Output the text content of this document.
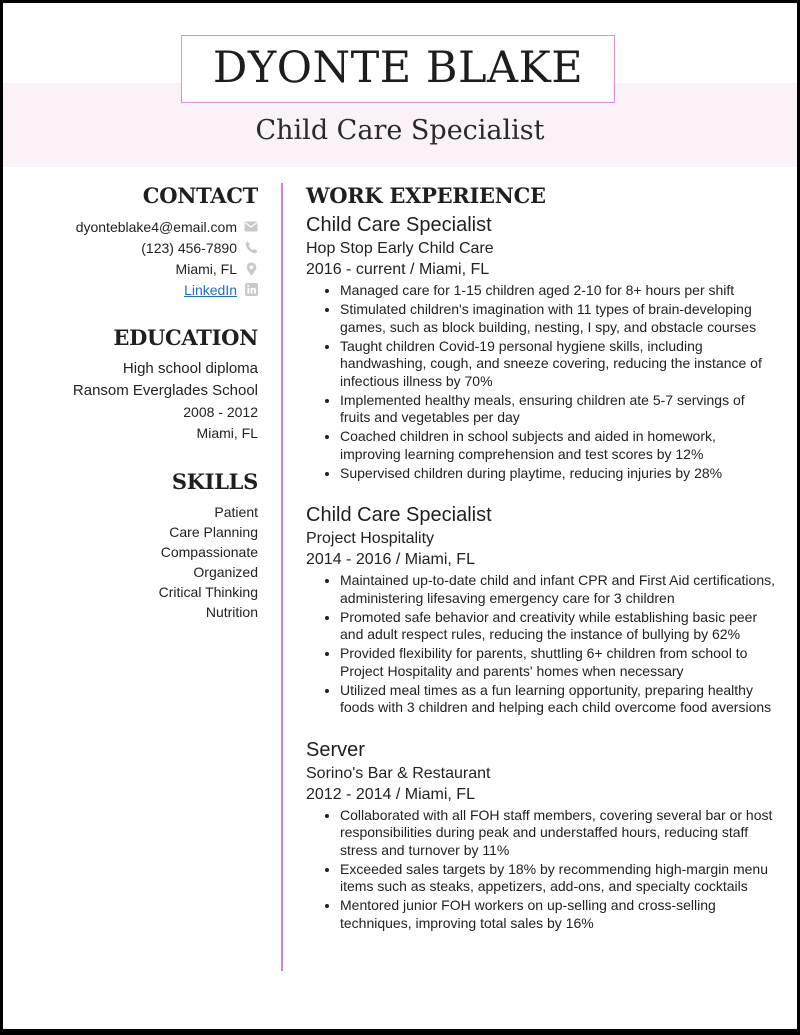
DYONTE BLAKE
Child Care Specialist
CONTACT
dyonteblake4@email.com
(123) 456-7890
Miami, FL
LinkedIn
EDUCATION
High school diploma
Ransom Everglades School
2008 - 2012
Miami, FL
SKILLS
Patient
Care Planning
Compassionate
Organized
Critical Thinking
Nutrition
WORK EXPERIENCE
Child Care Specialist
Hop Stop Early Child Care
2016 - current / Miami, FL
• Managed care for 1-15 children aged 2-10 for 8+ hours per shift
• Stimulated children's imagination with 11 types of brain-developing games, such as block building, nesting, I spy, and obstacle courses
• Taught children Covid-19 personal hygiene skills, including handwashing, cough, and sneeze covering, reducing the instance of infectious illness by 70%
• Implemented healthy meals, ensuring children ate 5-7 servings of fruits and vegetables per day
• Coached children in school subjects and aided in homework, improving learning comprehension and test scores by 12%
• Supervised children during playtime, reducing injuries by 28%
Child Care Specialist
Project Hospitality
2014 - 2016 / Miami, FL
• Maintained up-to-date child and infant CPR and First Aid certifications, administering lifesaving emergency care for 3 children
• Promoted safe behavior and creativity while establishing basic peer and adult respect rules, reducing the instance of bullying by 62%
• Provided flexibility for parents, shuttling 6+ children from school to Project Hospitality and parents' homes when necessary
• Utilized meal times as a fun learning opportunity, preparing healthy foods with 3 children and helping each child overcome food aversions
Server
Sorino's Bar & Restaurant
2012 - 2014 / Miami, FL
• Collaborated with all FOH staff members, covering several bar or host responsibilities during peak and understaffed hours, reducing staff stress and turnover by 11%
• Exceeded sales targets by 18% by recommending high-margin menu items such as steaks, appetizers, add-ons, and specialty cocktails
• Mentored junior FOH workers on up-selling and cross-selling techniques, improving total sales by 16%
